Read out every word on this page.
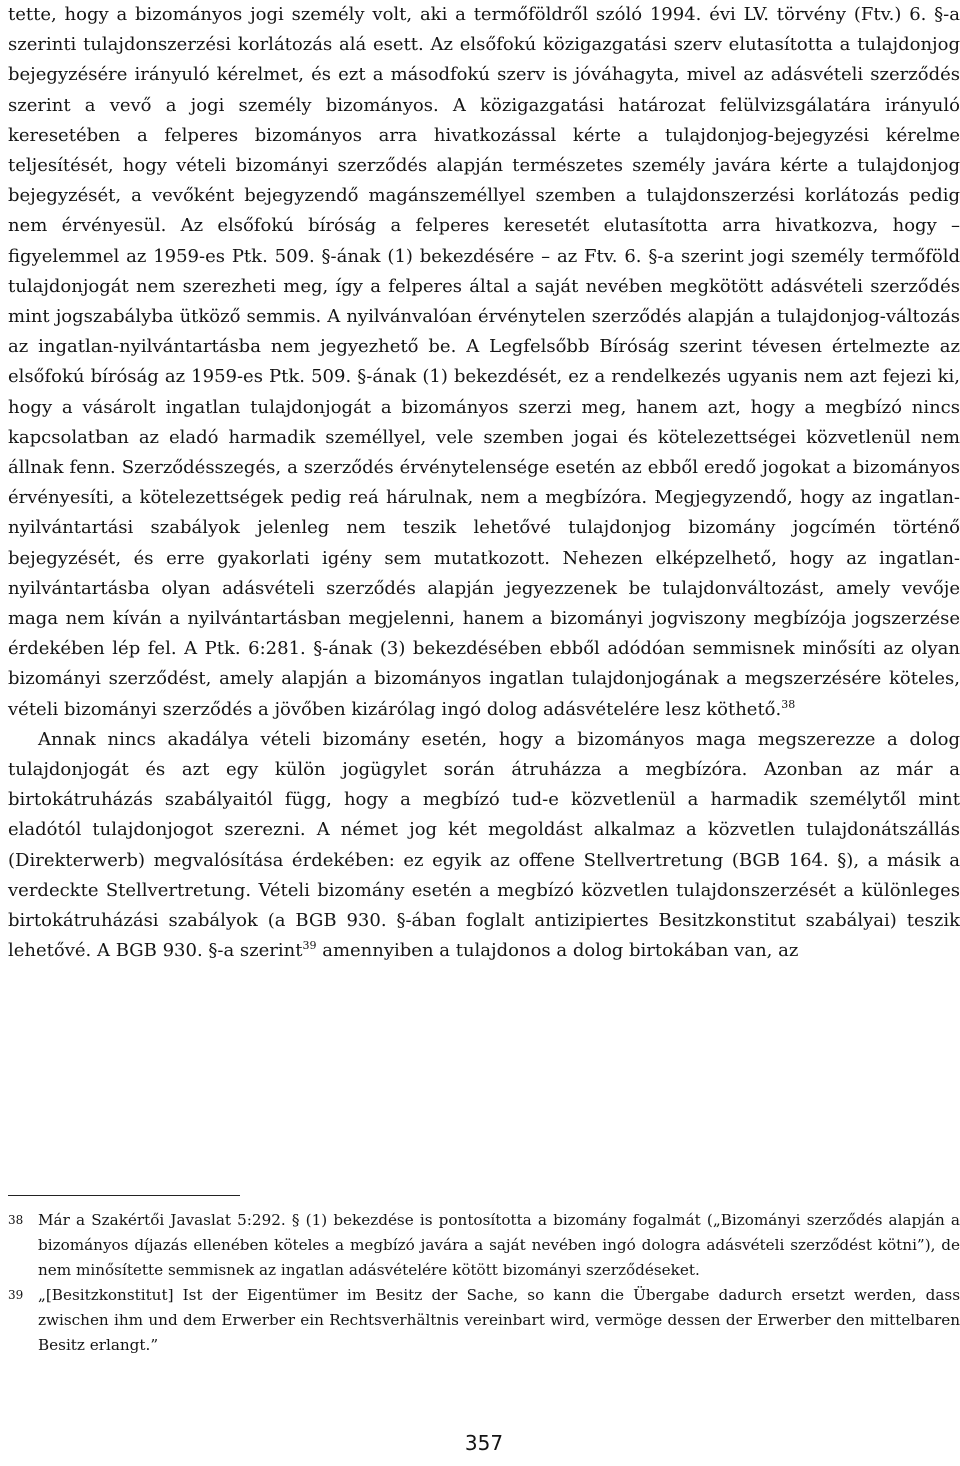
tette, hogy a bizományos jogi személy volt, aki a termőföldről szóló 1994. évi LV. törvény (Ftv.) 6. §-a szerinti tulajdonszerzési korlátozás alá esett. Az elsőfokú közigazgatási szerv elutasította a tulajdonjog bejegyzésére irányuló kérelmet, és ezt a másodfokú szerv is jóváhagyta, mivel az adásvételi szerződés szerint a vevő a jogi személy bizományos. A közigazgatási határozat felülvizsgálatára irányuló keresetében a felperes bizományos arra hivatkozással kérte a tulajdonjog-bejegyzési kérelme teljesítését, hogy vételi bizományi szerződés alapján természetes személy javára kérte a tulajdonjog bejegyzését, a vevőként bejegyzendő magánszeméllyel szemben a tulajdonszerzési korlátozás pedig nem érvényesül. Az elsőfokú bíróság a felperes keresetét elutasította arra hivatkozva, hogy – figyelemmel az 1959-es Ptk. 509. §-ának (1) bekezdésére – az Ftv. 6. §-a szerint jogi személy termőföld tulajdonjogát nem szerezheti meg, így a felperes által a saját nevében megkötött adásvételi szerződés mint jogszabályba ütköző semmis. A nyilvánvalóan érvénytelen szerződés alapján a tulajdonjog-változás az ingatlan-nyilvántartásba nem jegyezhető be. A Legfelsőbb Bíróság szerint tévesen értelmezte az elsőfokú bíróság az 1959-es Ptk. 509. §-ának (1) bekezdését, ez a rendelkezés ugyanis nem azt fejezi ki, hogy a vásárolt ingatlan tulajdonjogát a bizományos szerzi meg, hanem azt, hogy a megbízó nincs kapcsolatban az eladó harmadik személlyel, vele szemben jogai és kötelezettségei közvetlenül nem állnak fenn. Szerződésszegés, a szerződés érvénytelensége esetén az ebből eredő jogokat a bizományos érvényesíti, a kötelezettségek pedig reá hárulnak, nem a megbízóra. Megjegyzendő, hogy az ingatlan-nyilvántartási szabályok jelenleg nem teszik lehetővé tulajdonjog bizomány jogcímén történő bejegyzését, és erre gyakorlati igény sem mutatkozott. Nehezen elképzelhető, hogy az ingatlan-nyilvántartásba olyan adásvételi szerződés alapján jegyezzenek be tulajdonváltozást, amely vevője maga nem kíván a nyilvántartásban megjelenni, hanem a bizományi jogviszony megbízója jogszerzése érdekében lép fel. A Ptk. 6:281. §-ának (3) bekezdésében ebből adódóan semmisnek minősíti az olyan bizományi szerződést, amely alapján a bizományos ingatlan tulajdonjogának a megszerzésére köteles, vételi bizományi szerződés a jövőben kizárólag ingó dolog adásvételére lesz köthető.$^{38}$

Annak nincs akadálya vételi bizomány esetén, hogy a bizományos maga megszerezze a dolog tulajdonjogát és azt egy külön jogügylet során átruházza a megbízóra. Azonban az már a birtokátruházás szabályaitól függ, hogy a megbízó tud-e közvetlenül a harmadik személytől mint eladótól tulajdonjogot szerezni. A német jog két megoldást alkalmaz a közvetlen tulajdonátszállás (Direkterwerb) megvalósítása érdekében: ez egyik az offene Stellvertretung (BGB 164. §), a másik a verdeckte Stellvertretung. Vételi bizomány esetén a megbízó közvetlen tulajdonszerzését a különleges birtokátruházási szabályok (a BGB 930. §-ában foglalt antizipiertes Besitzkonstitut szabályai) teszik lehetővé. A BGB 930. §-a szerint$^{39}$ amennyiben a tulajdonos a dolog birtokában van, az

38 Már a Szakértői Javaslat 5:292. § (1) bekezdése is pontosította a bizomány fogalmát („Bizományi szerződés alapján a bizományos díjazás ellenében köteles a megbízó javára a saját nevében ingó dologra adásvételi szerződést kötni”), de nem minősítette semmisnek az ingatlan adásvételére kötött bizományi szerződéseket.

39 „[Besitzkonstitut] Ist der Eigentümer im Besitz der Sache, so kann die Übergabe dadurch ersetzt werden, dass zwischen ihm und dem Erwerber ein Rechtsverhältnis vereinbart wird, vermöge dessen der Erwerber den mittelbaren Besitz erlangt.”

357
